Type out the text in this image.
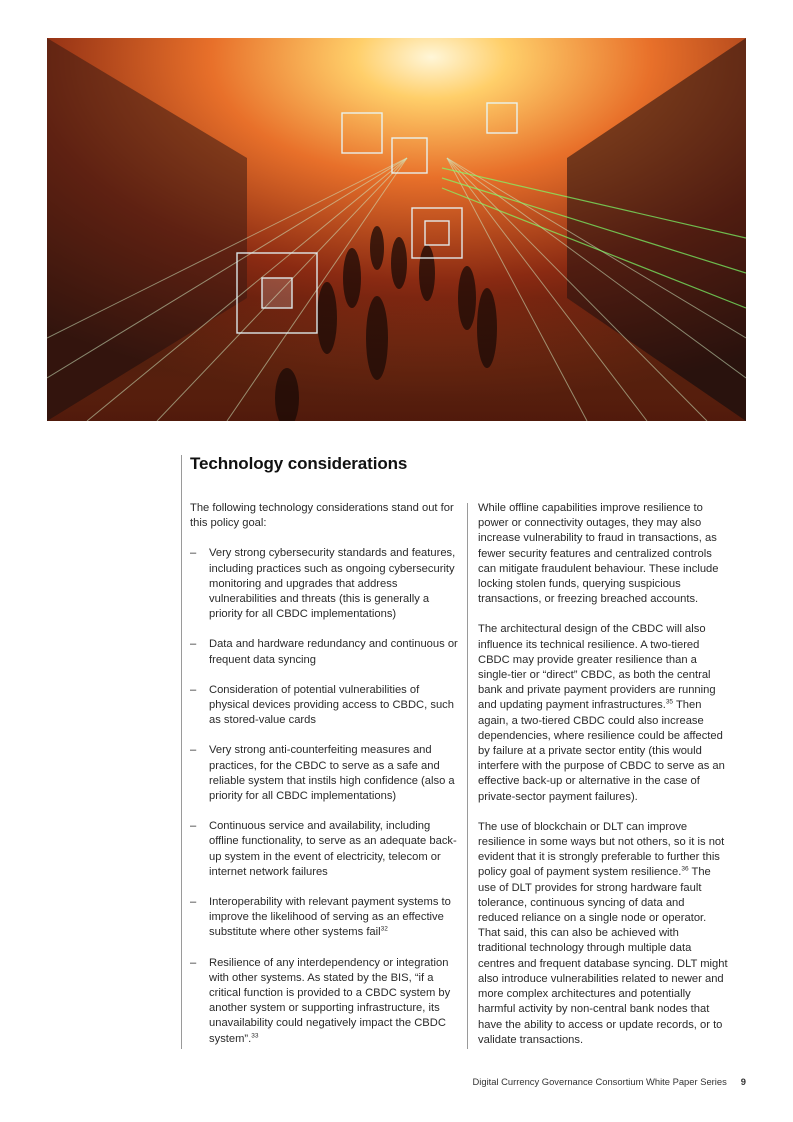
Technology considerations

The following technology considerations stand out for this policy goal:

– Very strong cybersecurity standards and features, including practices such as ongoing cybersecurity monitoring and upgrades that address vulnerabilities and threats (this is generally a priority for all CBDC implementations)
– Data and hardware redundancy and continuous or frequent data syncing
– Consideration of potential vulnerabilities of physical devices providing access to CBDC, such as stored-value cards
– Very strong anti-counterfeiting measures and practices, for the CBDC to serve as a safe and reliable system that instils high confidence (also a priority for all CBDC implementations)
– Continuous service and availability, including offline functionality, to serve as an adequate back-up system in the event of electricity, telecom or internet network failures
– Interoperability with relevant payment systems to improve the likelihood of serving as an effective substitute where other systems fail$^{32}$
– Resilience of any interdependency or integration with other systems. As stated by the BIS, “if a critical function is provided to a CBDC system by another system or supporting infrastructure, its unavailability could negatively impact the CBDC system”.$^{33}$

While offline capabilities improve resilience to power or connectivity outages, they may also increase vulnerability to fraud in transactions, as fewer security features and centralized controls can mitigate fraudulent behaviour. These include locking stolen funds, querying suspicious transactions, or freezing breached accounts.

The architectural design of the CBDC will also influence its technical resilience. A two-tiered CBDC may provide greater resilience than a single-tier or “direct” CBDC, as both the central bank and private payment providers are running and updating payment infrastructures.$^{35}$ Then again, a two-tiered CBDC could also increase dependencies, where resilience could be affected by failure at a private sector entity (this would interfere with the purpose of CBDC to serve as an effective back-up or alternative in the case of private-sector payment failures).

The use of blockchain or DLT can improve resilience in some ways but not others, so it is not evident that it is strongly preferable to further this policy goal of payment system resilience.$^{36}$ The use of DLT provides for strong hardware fault tolerance, continuous syncing of data and reduced reliance on a single node or operator. That said, this can also be achieved with traditional technology through multiple data centres and frequent database syncing. DLT might also introduce vulnerabilities related to newer and more complex architectures and potentially harmful activity by non-central bank nodes that have the ability to access or update records, or to validate transactions.

Digital Currency Governance Consortium White Paper Series 9
